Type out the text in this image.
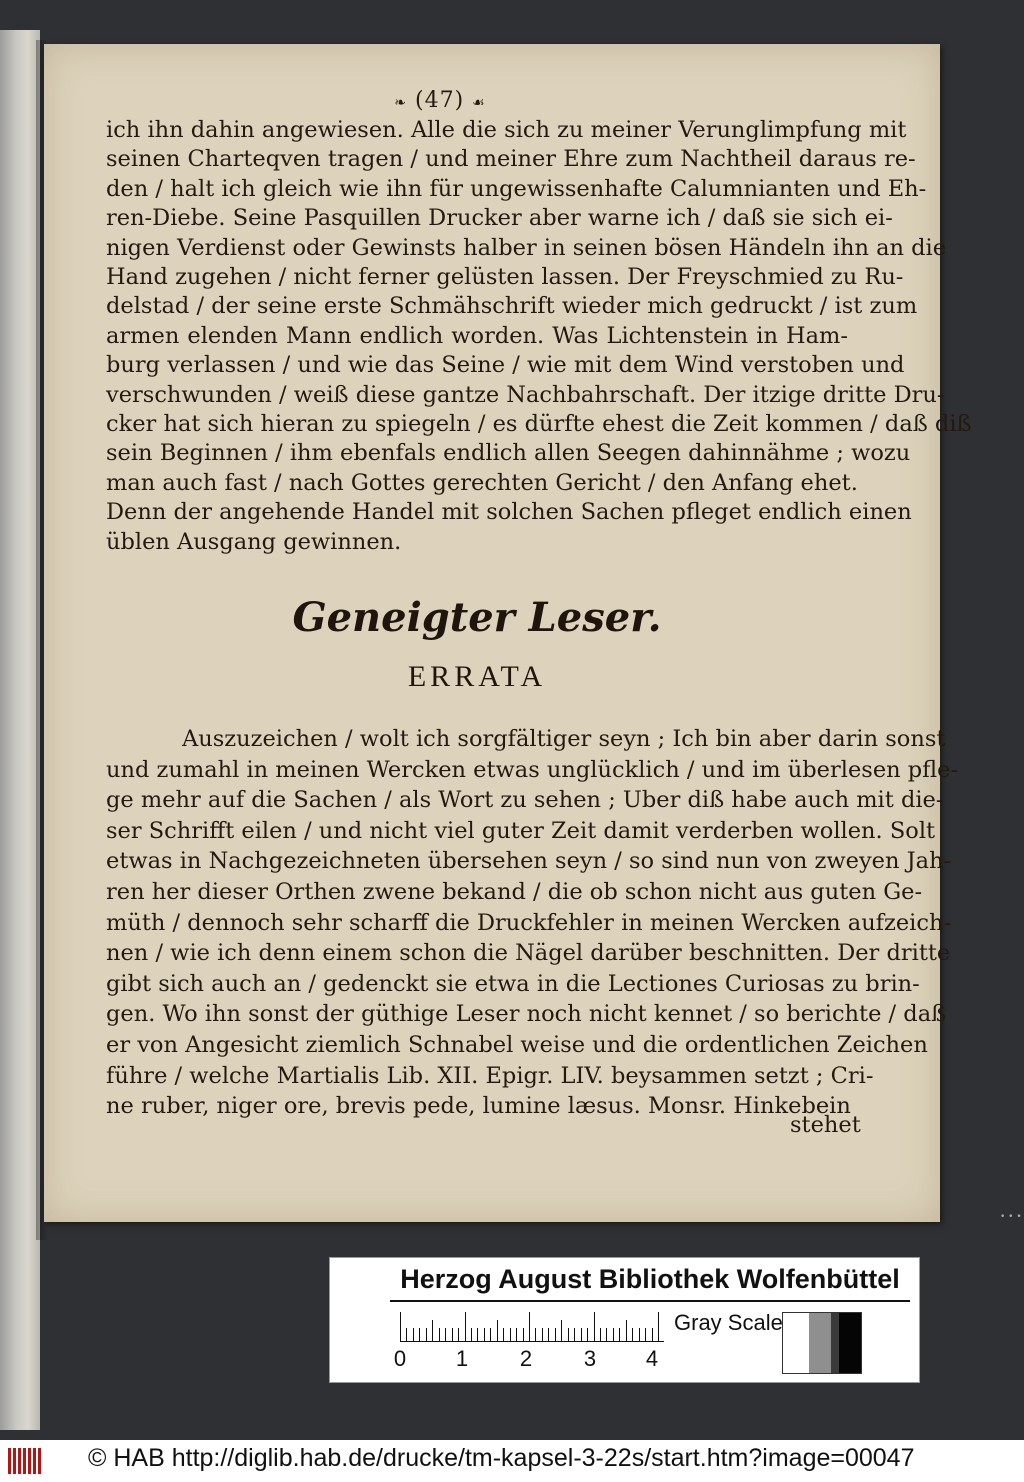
❧ (47) ☙
ich ihn dahin angewiesen. Alle die sich zu meiner Verunglimpfung mit
seinen Charteqven tragen / und meiner Ehre zum Nachtheil daraus re-
den / halt ich gleich wie ihn für ungewissenhafte Calumnianten und Eh-
ren-Diebe. Seine Pasquillen Drucker aber warne ich / daß sie sich ei-
nigen Verdienst oder Gewinsts halber in seinen bösen Händeln ihn an die
Hand zugehen / nicht ferner gelüsten lassen. Der Freyschmied zu Ru-
delstad / der seine erste Schmähschrift wieder mich gedruckt / ist zum
armen elenden Mann endlich worden. Was Lichtenstein in Ham-
burg verlassen / und wie das Seine / wie mit dem Wind verstoben und
verschwunden / weiß diese gantze Nachbahrschaft. Der itzige dritte Dru-
cker hat sich hieran zu spiegeln / es dürfte ehest die Zeit kommen / daß diß
sein Beginnen / ihm ebenfals endlich allen Seegen dahinnähme ; wozu
man auch fast / nach Gottes gerechten Gericht / den Anfang ehet.
Denn der angehende Handel mit solchen Sachen pfleget endlich einen
üblen Ausgang gewinnen.
Geneigter Leser.
ERRATA
Auszuzeichen / wolt ich sorgfältiger seyn ; Ich bin aber darin sonst
und zumahl in meinen Wercken etwas unglücklich / und im überlesen pfle-
ge mehr auf die Sachen / als Wort zu sehen ; Uber diß habe auch mit die-
ser Schrifft eilen / und nicht viel guter Zeit damit verderben wollen. Solt
etwas in Nachgezeichneten übersehen seyn / so sind nun von zweyen Jah-
ren her dieser Orthen zwene bekand / die ob schon nicht aus guten Ge-
müth / dennoch sehr scharff die Druckfehler in meinen Wercken aufzeich-
nen / wie ich denn einem schon die Nägel darüber beschnitten. Der dritte
gibt sich auch an / gedenckt sie etwa in die Lectiones Curiosas zu brin-
gen. Wo ihn sonst der güthige Leser noch nicht kennet / so berichte / daß
er von Angesicht ziemlich Schnabel weise und die ordentlichen Zeichen
führe / welche Martialis Lib. XII. Epigr. LIV. beysammen setzt ; Cri-
ne ruber, niger ore, brevis pede, lumine læsus. Monsr. Hinkebein
stehet
Herzog August Bibliothek Wolfenbüttel
0 1 2 3 4
Gray Scale
• • •
© HAB http://diglib.hab.de/drucke/tm-kapsel-3-22s/start.htm?image=00047
